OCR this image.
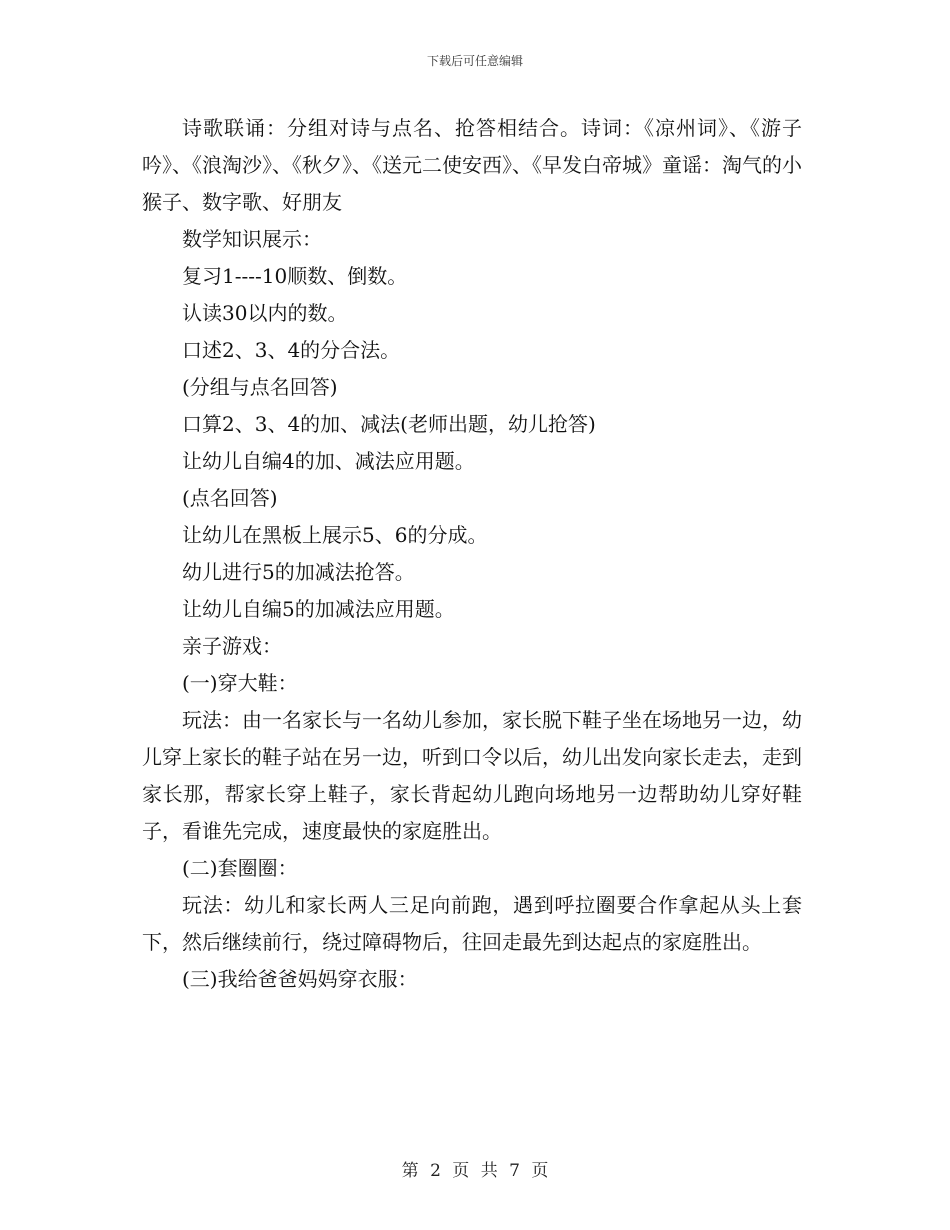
下载后可任意编辑

诗歌联诵：分组对诗与点名、抢答相结合。诗词：《凉州词》、《游子吟》、《浪淘沙》、《秋夕》、《送元二使安西》、《早发白帝城》童谣：淘气的小猴子、数字歌、好朋友

数学知识展示：

复习1----10顺数、倒数。

认读30以内的数。

口述2、3、4的分合法。

(分组与点名回答)

口算2、3、4的加、减法(老师出题，幼儿抢答)

让幼儿自编4的加、减法应用题。

(点名回答)

让幼儿在黑板上展示5、6的分成。

幼儿进行5的加减法抢答。

让幼儿自编5的加减法应用题。

亲子游戏：

(一)穿大鞋：

玩法：由一名家长与一名幼儿参加，家长脱下鞋子坐在场地另一边，幼儿穿上家长的鞋子站在另一边，听到口令以后，幼儿出发向家长走去，走到家长那，帮家长穿上鞋子，家长背起幼儿跑向场地另一边帮助幼儿穿好鞋子，看谁先完成，速度最快的家庭胜出。

(二)套圈圈：

玩法：幼儿和家长两人三足向前跑，遇到呼拉圈要合作拿起从头上套下，然后继续前行，绕过障碍物后，往回走最先到达起点的家庭胜出。

(三)我给爸爸妈妈穿衣服：

第 2 页 共 7 页
